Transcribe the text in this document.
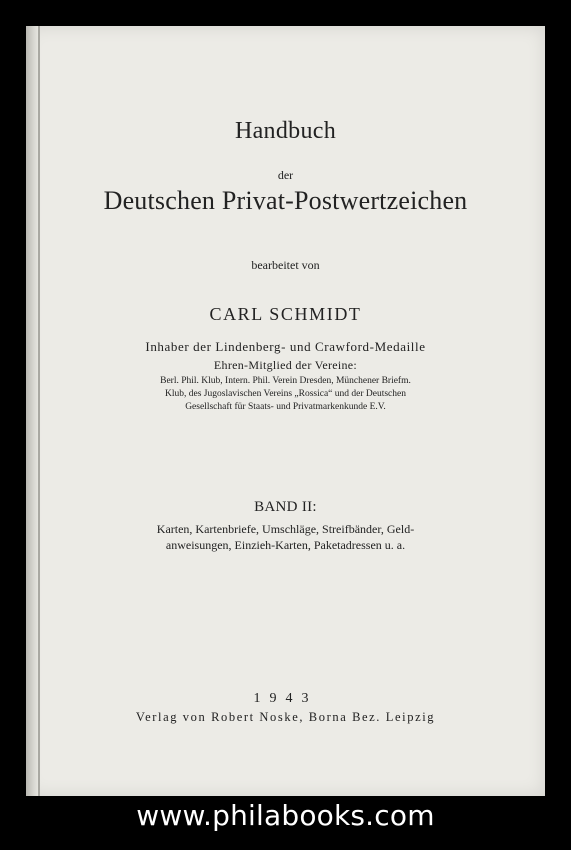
Handbuch
der
Deutschen Privat-Postwertzeichen
bearbeitet von
CARL SCHMIDT
Inhaber der Lindenberg- und Crawford-Medaille
Ehren-Mitglied der Vereine:
Berl. Phil. Klub, Intern. Phil. Verein Dresden, Münchener Briefm.
Klub, des Jugoslavischen Vereins „Rossica“ und der Deutschen
Gesellschaft für Staats- und Privatmarkenkunde E.V.
BAND II:
Karten, Kartenbriefe, Umschläge, Streifbänder, Geld-
anweisungen, Einzieh-Karten, Paketadressen u. a.
1943
Verlag von Robert Noske, Borna Bez. Leipzig
www.philabooks.com
